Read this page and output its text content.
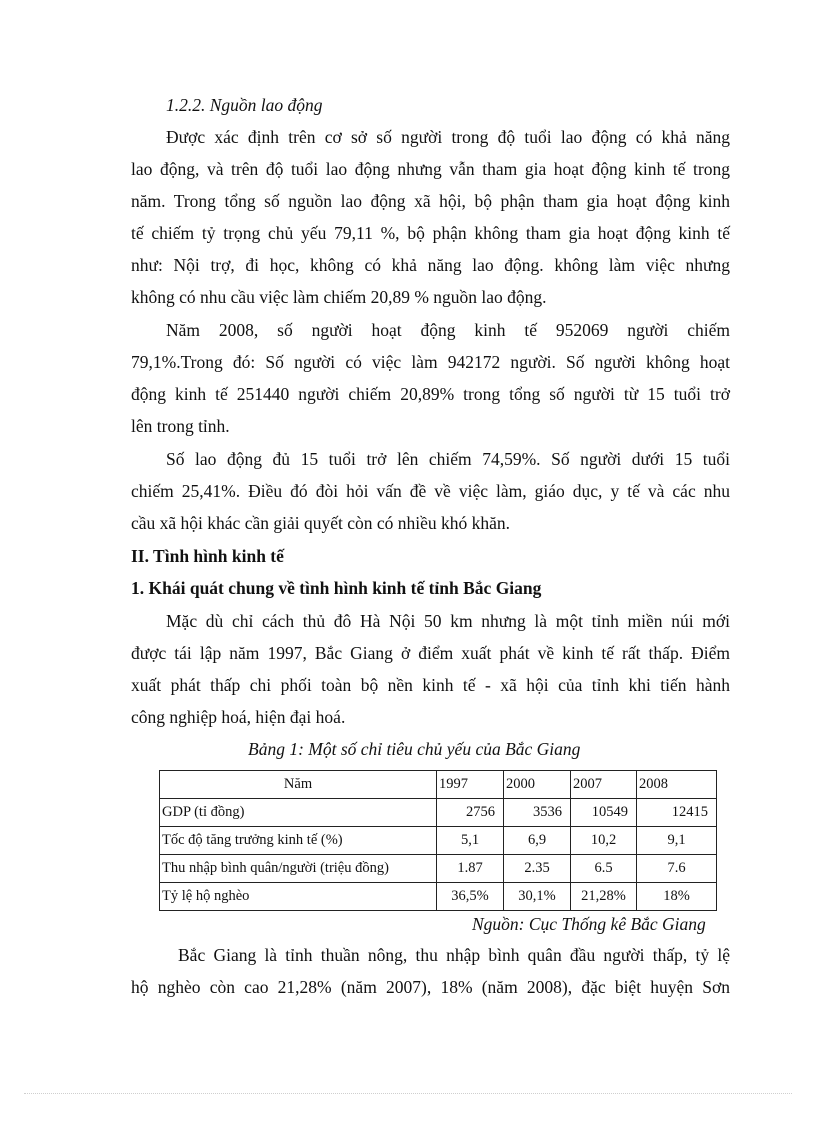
1.2.2. Nguồn lao động
Được xác định trên cơ sở số người trong độ tuổi lao động có khả năng
lao động, và trên độ tuổi lao động nhưng vẫn tham gia hoạt động kinh tế trong
năm. Trong tổng số nguồn lao động xã hội, bộ phận tham gia hoạt động kinh
tế chiếm tỷ trọng chủ yếu 79,11 %, bộ phận không tham gia hoạt động kinh tế
như: Nội trợ, đi học, không có khả năng lao động. không làm việc nhưng
không có nhu cầu việc làm chiếm 20,89 % nguồn lao động.
Năm 2008, số người hoạt động kinh tế 952069 người chiếm
79,1%.Trong đó: Số người có việc làm 942172 người. Số người không hoạt
động kinh tế 251440 người chiếm 20,89% trong tổng số người từ 15 tuổi trở
lên trong tỉnh.
Số lao động đủ 15 tuổi trở lên chiếm 74,59%. Số người dưới 15 tuổi
chiếm 25,41%. Điều đó đòi hỏi vấn đề về việc làm, giáo dục, y tế và các nhu
cầu xã hội khác cần giải quyết còn có nhiều khó khăn.
II. Tình hình kinh tế
1. Khái quát chung về tình hình kinh tế tỉnh Bắc Giang
Mặc dù chỉ cách thủ đô Hà Nội 50 km nhưng là một tỉnh miền núi mới
được tái lập năm 1997, Bắc Giang ở điểm xuất phát về kinh tế rất thấp. Điểm
xuất phát thấp chi phối toàn bộ nền kinh tế - xã hội của tỉnh khi tiến hành
công nghiệp hoá, hiện đại hoá.
Bảng 1: Một số chỉ tiêu chủ yếu của Bắc Giang
Năm	1997	2000	2007	2008
GDP (tỉ đồng)	2756	3536	10549	12415
Tốc độ tăng trưởng kinh tế (%)	5,1	6,9	10,2	9,1
Thu nhập bình quân/người (triệu đồng)	1.87	2.35	6.5	7.6
Tỷ lệ hộ nghèo	36,5%	30,1%	21,28%	18%
Nguồn: Cục Thống kê Bắc Giang
Bắc Giang là tỉnh thuần nông, thu nhập bình quân đầu người thấp, tỷ lệ
hộ nghèo còn cao 21,28% (năm 2007), 18% (năm 2008), đặc biệt huyện Sơn
